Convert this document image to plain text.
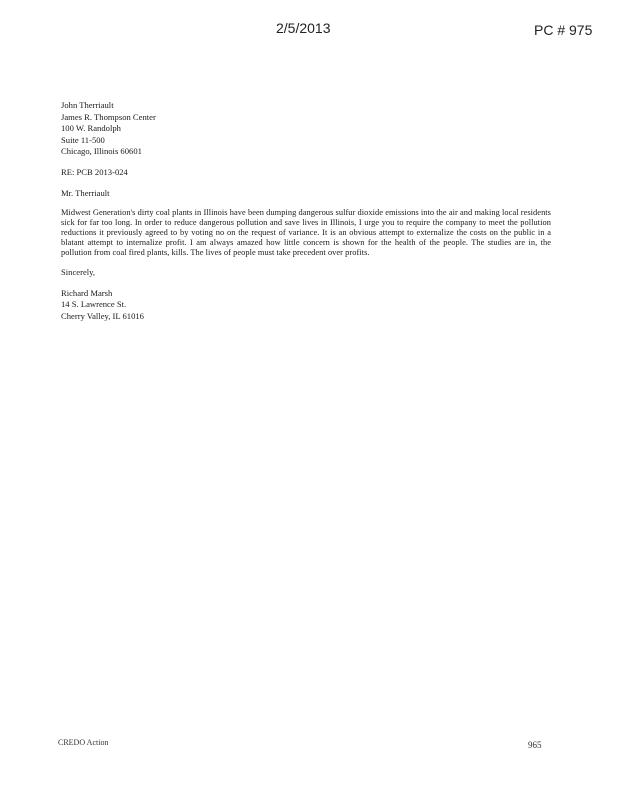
2/5/2013	PC # 975
John Therriault
James R. Thompson Center
100 W. Randolph
Suite 11-500
Chicago, Illinois 60601
RE: PCB 2013-024
Mr. Therriault
Midwest Generation's dirty coal plants in Illinois have been dumping dangerous sulfur dioxide emissions into the air and making local residents sick for far too long. In order to reduce dangerous pollution and save lives in Illinois, I urge you to require the company to meet the pollution reductions it previously agreed to by voting no on the request of variance. It is an obvious attempt to externalize the costs on the public in a blatant attempt to internalize profit. I am always amazed how little concern is shown for the health of the people. The studies are in, the pollution from coal fired plants, kills. The lives of people must take precedent over profits.
Sincerely,
Richard Marsh
14 S. Lawrence St.
Cherry Valley, IL 61016
CREDO Action	965
